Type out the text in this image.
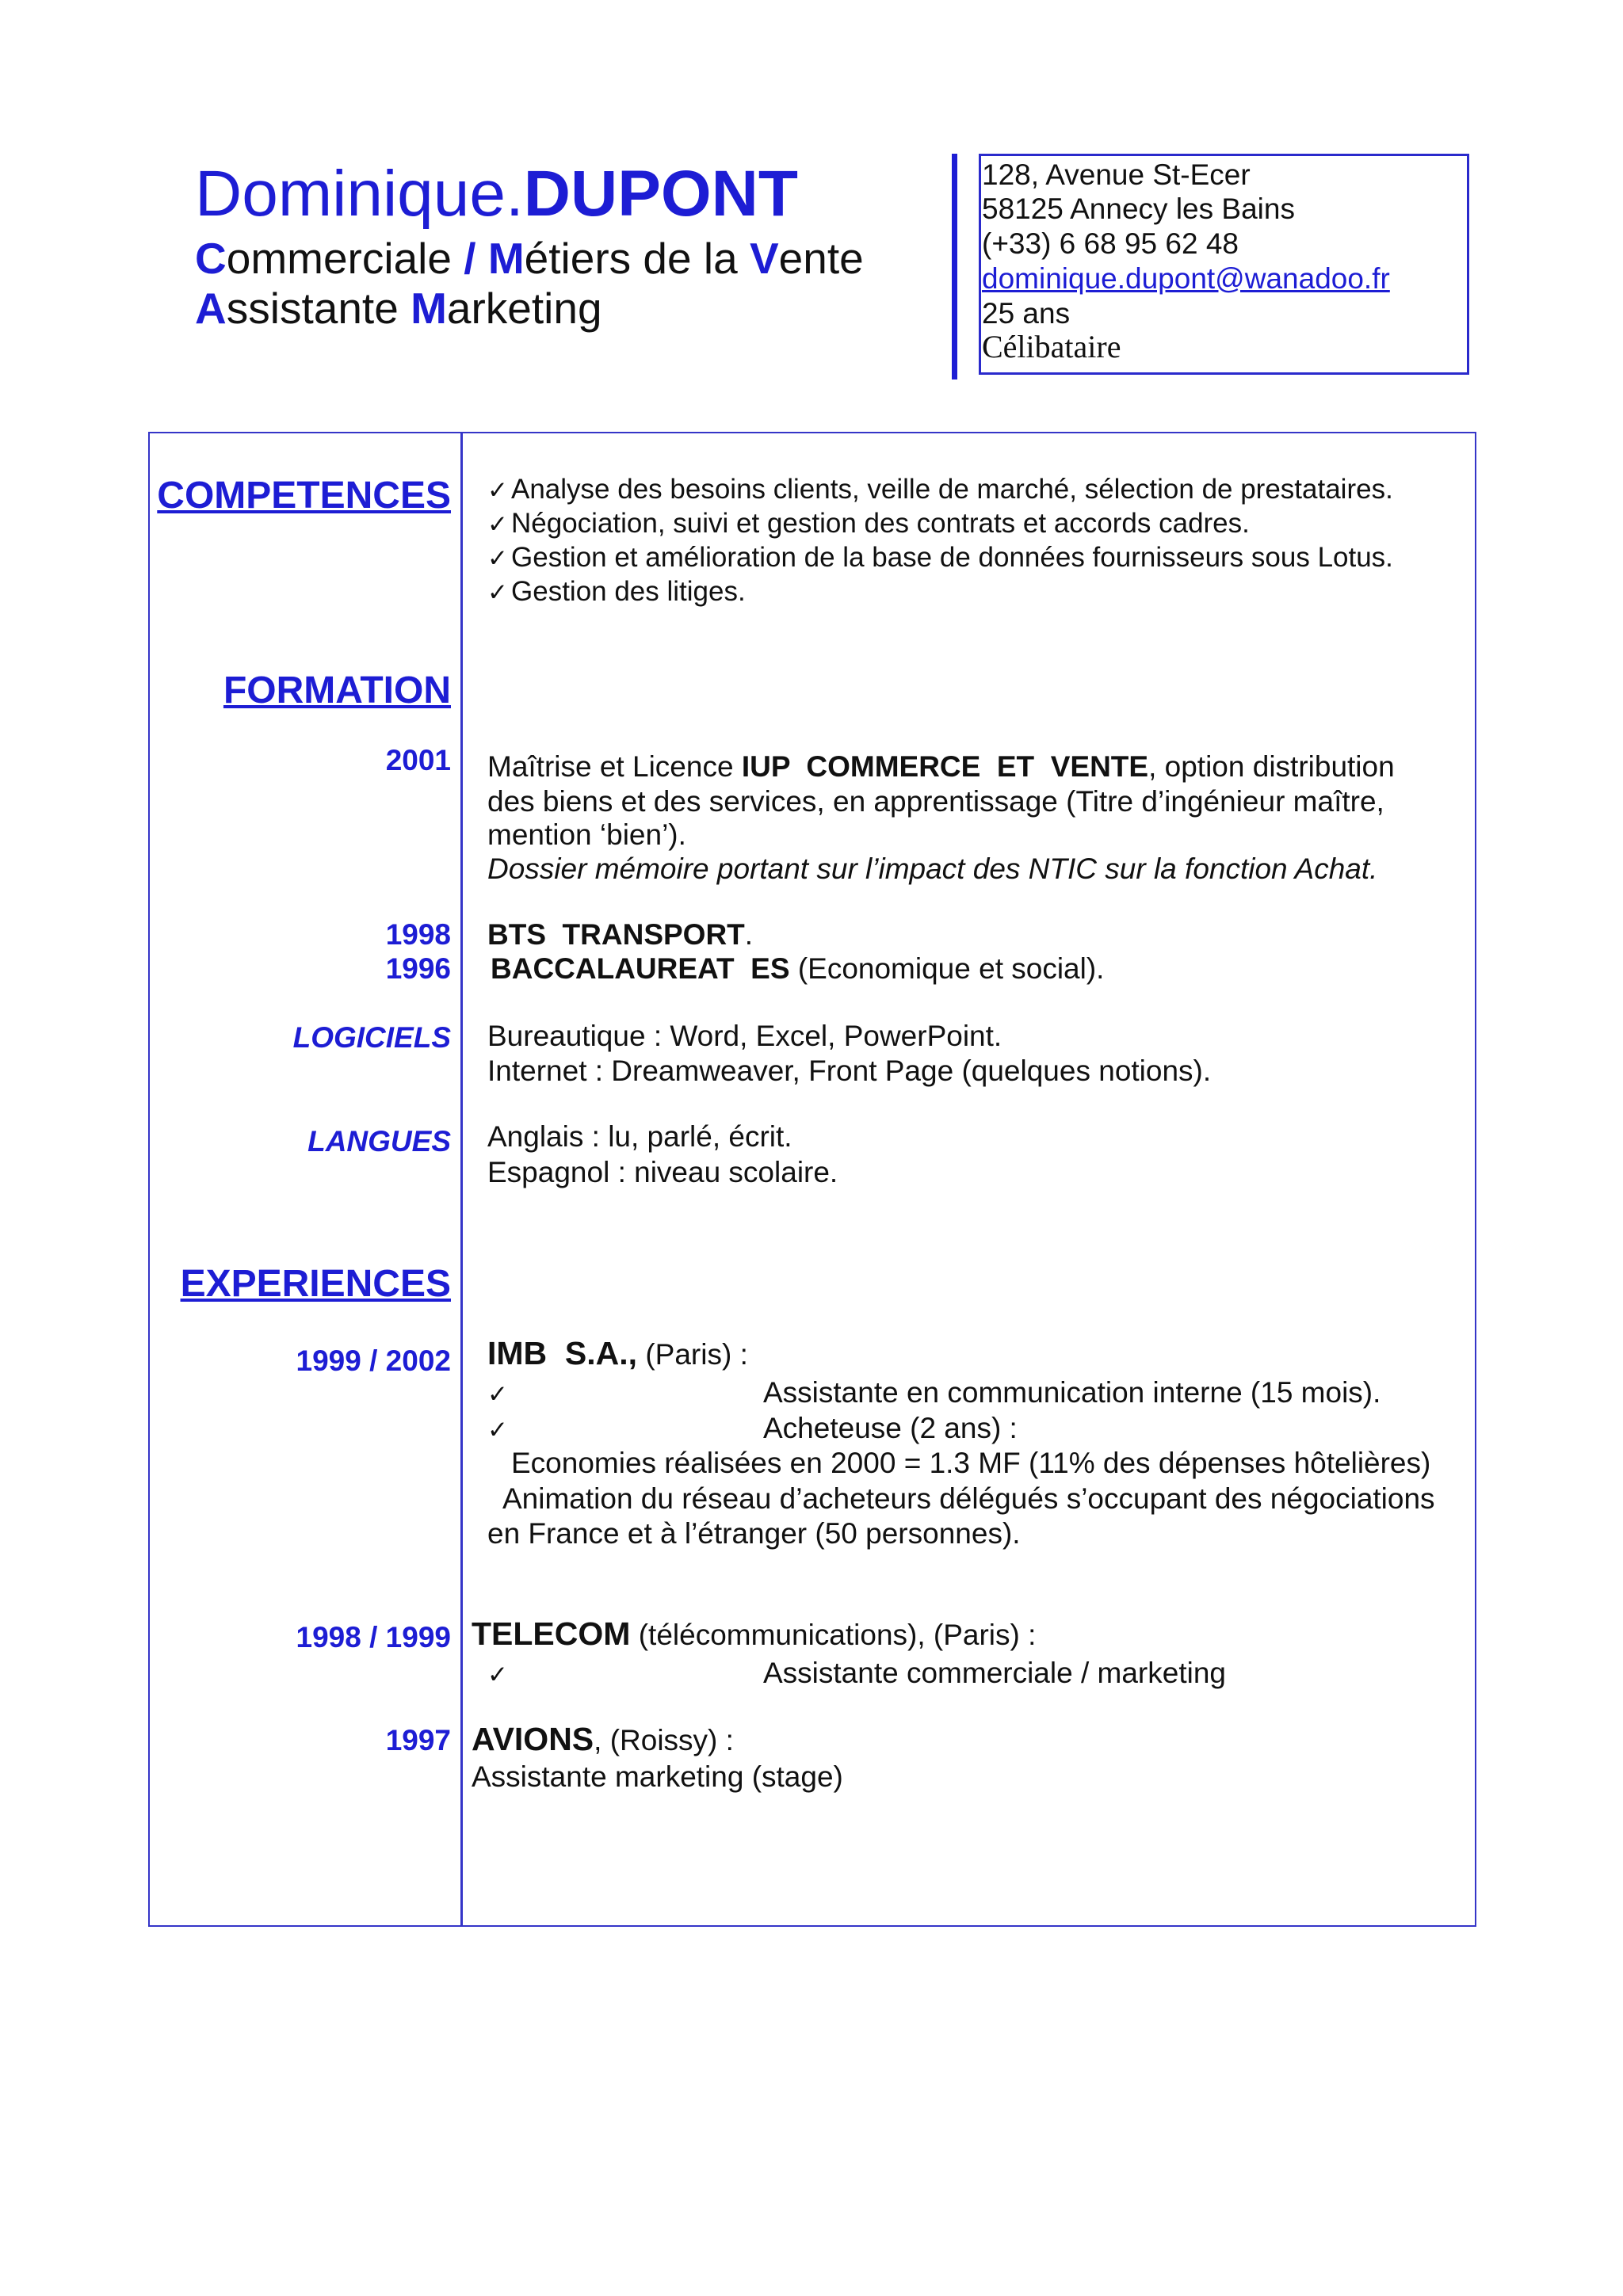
Dominique.DUPONT
Commerciale / Métiers de la Vente
Assistante Marketing
128, Avenue St-Ecer
58125 Annecy les Bains
(+33) 6 68 95 62 48
dominique.dupont@wanadoo.fr
25 ans
Célibataire
COMPETENCES ✓ Analyse des besoins clients, veille de marché, sélection de prestataires.
✓ Négociation, suivi et gestion des contrats et accords cadres.
✓ Gestion et amélioration de la base de données fournisseurs sous Lotus.
✓ Gestion des litiges.
FORMATION
2001 Maîtrise et Licence IUP  COMMERCE  ET  VENTE, option distribution
des biens et des services, en apprentissage (Titre d’ingénieur maître,
mention ‘bien’).
Dossier mémoire portant sur l’impact des NTIC sur la fonction Achat.
1998 BTS  TRANSPORT.
1996 BACCALAUREAT  ES (Economique et social).
LOGICIELS Bureautique : Word, Excel, PowerPoint.
Internet : Dreamweaver, Front Page (quelques notions).
LANGUES Anglais : lu, parlé, écrit.
Espagnol : niveau scolaire.
EXPERIENCES
1999 / 2002 IMB  S.A., (Paris) :
✓	Assistante en communication interne (15 mois).
✓	Acheteuse (2 ans) :
Economies réalisées en 2000 = 1.3 MF (11% des dépenses hôtelières)
Animation du réseau d’acheteurs délégués s’occupant des négociations
en France et à l’étranger (50 personnes).
1998 / 1999 TELECOM (télécommunications), (Paris) :
✓	Assistante commerciale / marketing
1997 AVIONS, (Roissy) :
Assistante marketing (stage)
